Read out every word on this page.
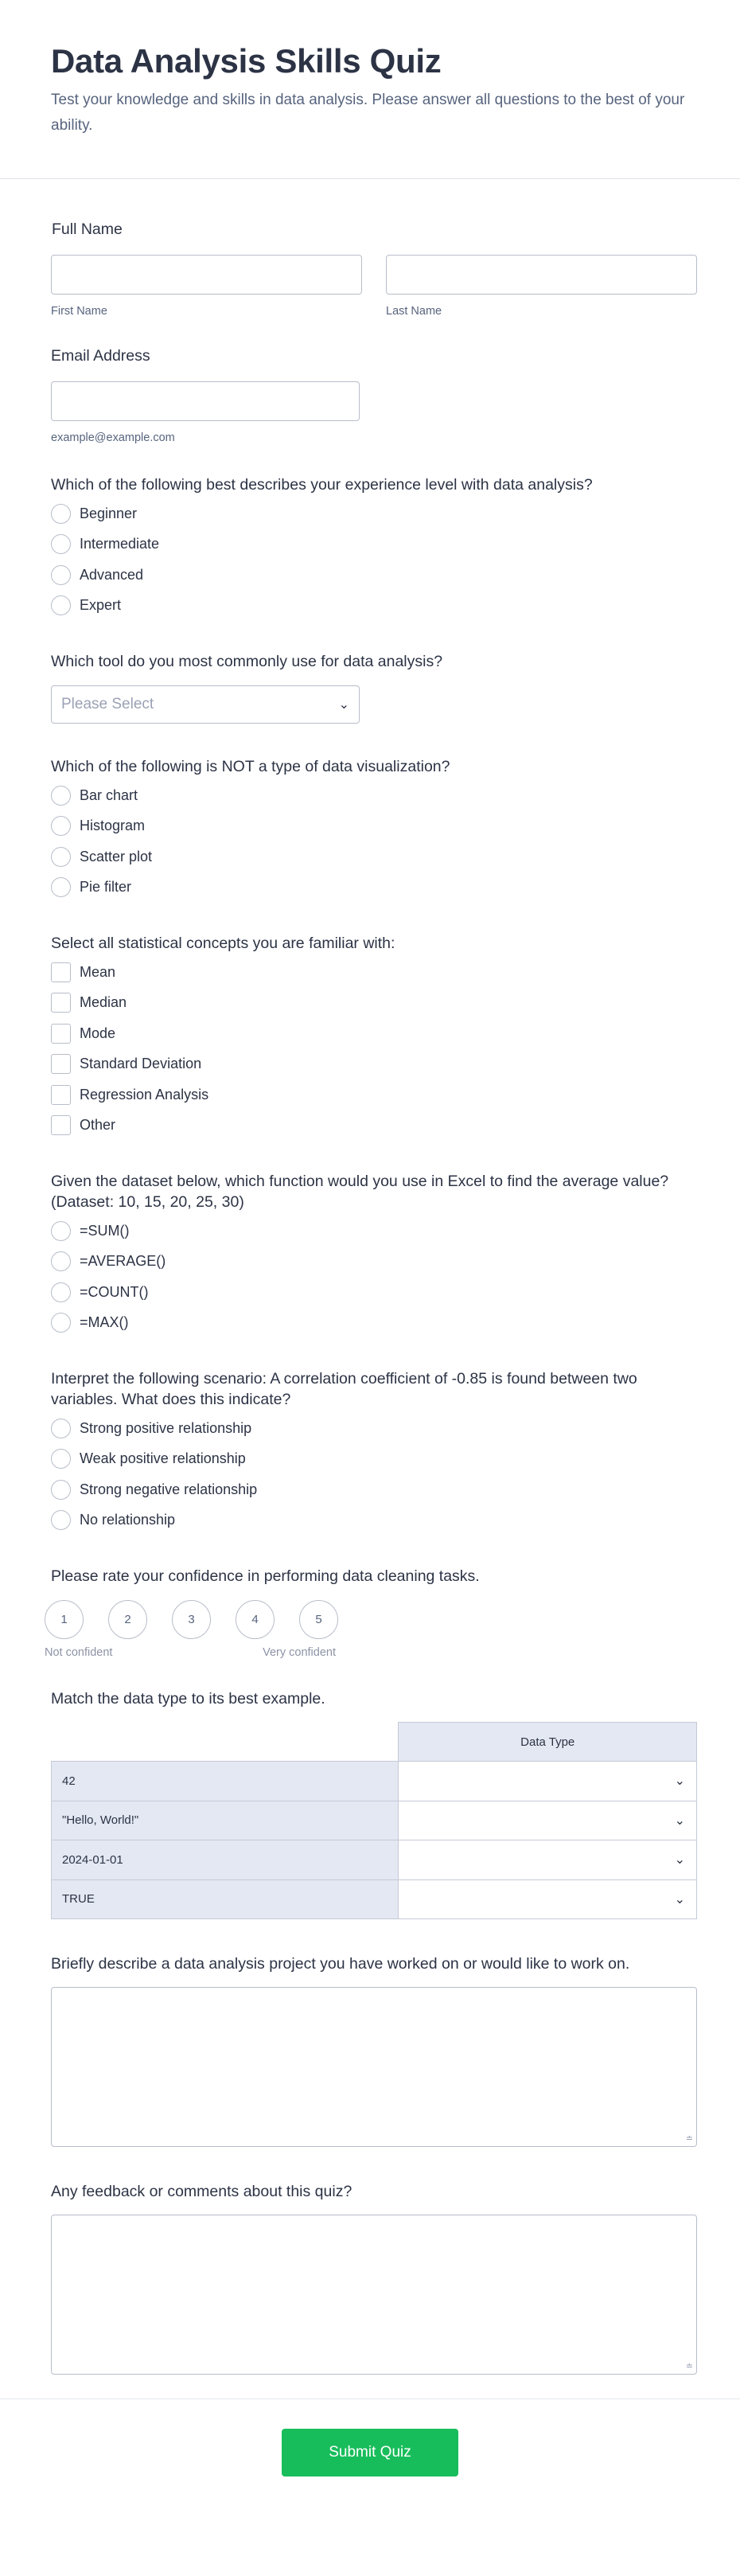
Data Analysis Skills Quiz

Test your knowledge and skills in data analysis. Please answer all questions to the best of your ability.

Full Name
First Name	Last Name
Email Address
example@example.com
Which of the following best describes your experience level with data analysis?
Beginner
Intermediate
Advanced
Expert
Which tool do you most commonly use for data analysis?
Please Select	⌄
Which of the following is NOT a type of data visualization?
Bar chart
Histogram
Scatter plot
Pie filter
Select all statistical concepts you are familiar with:
Mean
Median
Mode
Standard Deviation
Regression Analysis
Other
Given the dataset below, which function would you use in Excel to find the average value? (Dataset: 10, 15, 20, 25, 30)
=SUM()
=AVERAGE()
=COUNT()
=MAX()
Interpret the following scenario: A correlation coefficient of -0.85 is found between two variables. What does this indicate?
Strong positive relationship
Weak positive relationship
Strong negative relationship
No relationship
Please rate your confidence in performing data cleaning tasks.
1	2	3	4	5
Not confident	Very confident
Match the data type to its best example.
	Data Type
42	⌄
"Hello, World!"	⌄
2024-01-01	⌄
TRUE	⌄
Briefly describe a data analysis project you have worked on or would like to work on.
≐
Any feedback or comments about this quiz?
≐
Submit Quiz
